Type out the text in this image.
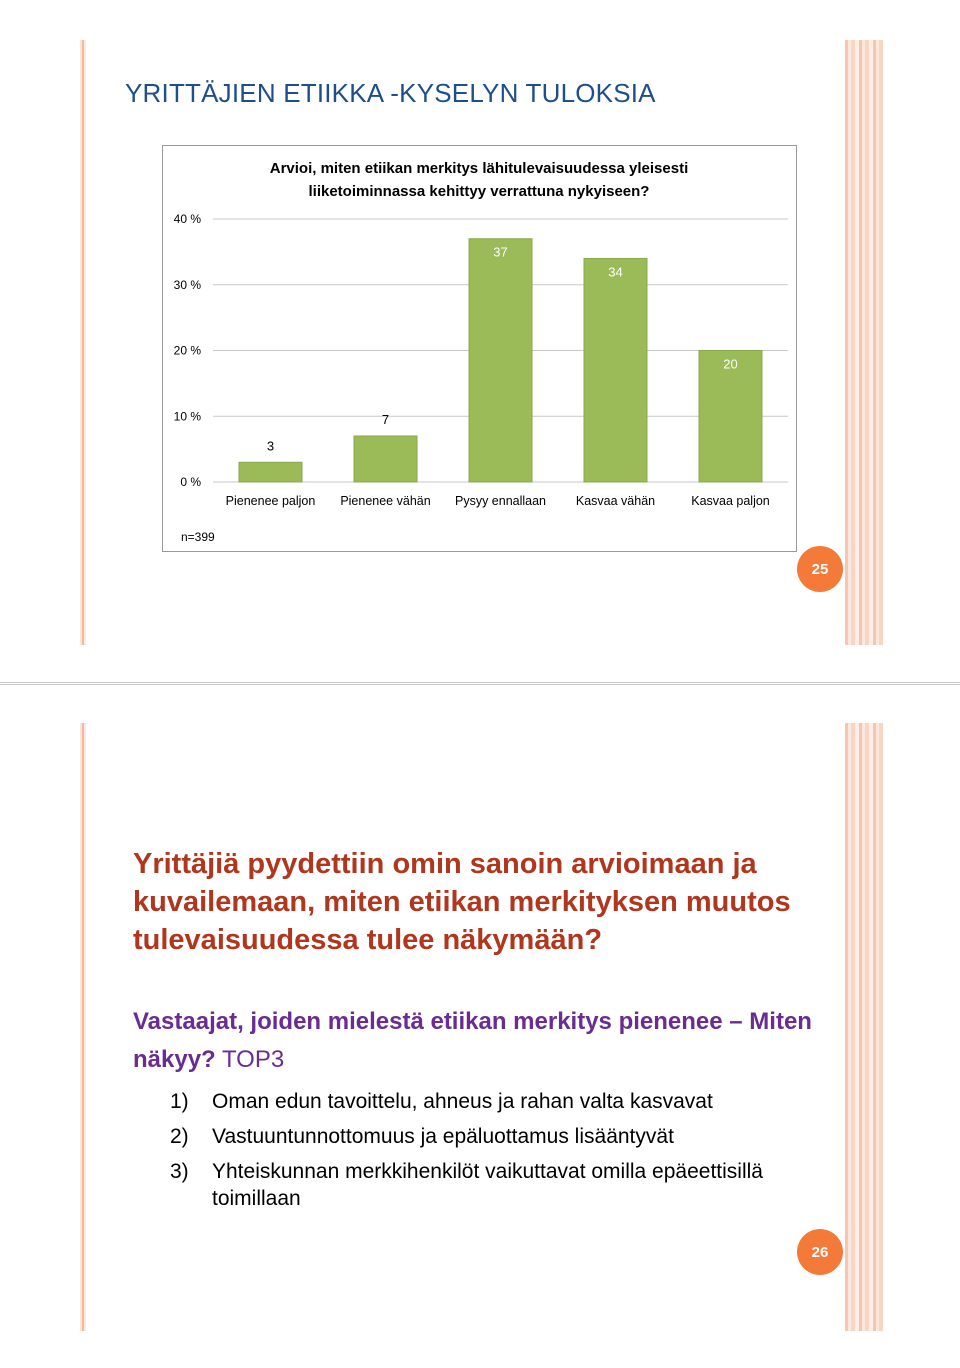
YRITTÄJIEN ETIIKKA -KYSELYN TULOKSIA
Arvioi, miten etiikan merkitys lähitulevaisuudessa yleisesti
liiketoiminnassa kehittyy verrattuna nykyiseen?
0 %
10 %
20 %
30 %
40 %
3
Pienenee paljon
7
Pienenee vähän
37
Pysyy ennallaan
34
Kasvaa vähän
20
Kasvaa paljon
n=399
25
26
Yrittäjiä pyydettiin omin sanoin arvioimaan ja kuvailemaan, miten etiikan merkityksen muutos tulevaisuudessa tulee näkymään?
Vastaajat, joiden mielestä etiikan merkitys pienenee – Miten näkyy? TOP3
1)	Oman edun tavoittelu, ahneus ja rahan valta kasvavat
2)	Vastuuntunnottomuus ja epäluottamus lisääntyvät
3)	Yhteiskunnan merkkihenkilöt vaikuttavat omilla epäeettisillä toimillaan
